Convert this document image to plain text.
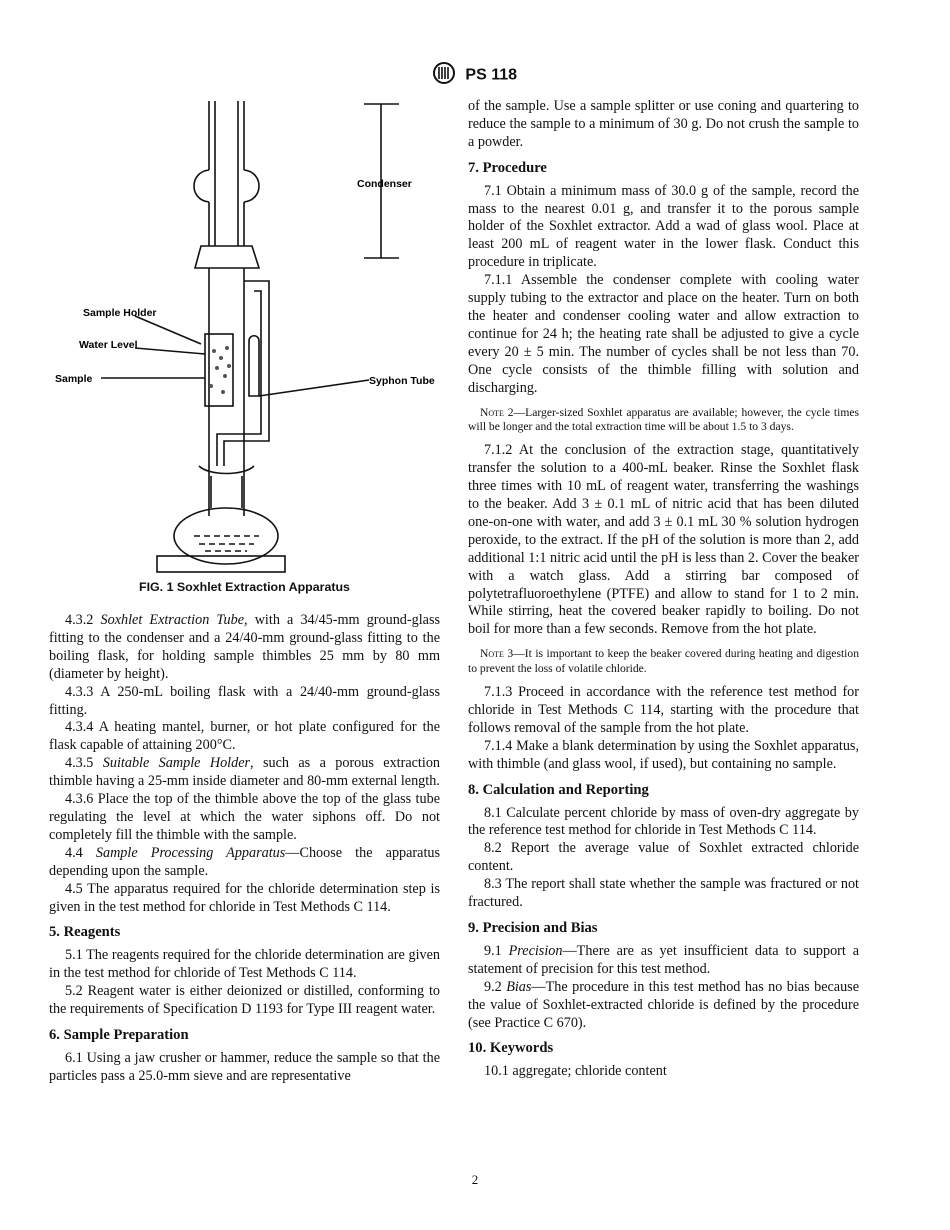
PS 118
Condenser
Sample Holder
Water Level
Sample	Syphon Tube
FIG. 1 Soxhlet Extraction Apparatus

4.3.2 Soxhlet Extraction Tube, with a 34/45-mm ground-glass fitting to the condenser and a 24/40-mm ground-glass fitting to the boiling flask, for holding sample thimbles 25 mm by 80 mm (diameter by height).

4.3.3 A 250-mL boiling flask with a 24/40-mm ground-glass fitting.

4.3.4 A heating mantel, burner, or hot plate configured for the flask capable of attaining 200°C.

4.3.5 Suitable Sample Holder, such as a porous extraction thimble having a 25-mm inside diameter and 80-mm external length.

4.3.6 Place the top of the thimble above the top of the glass tube regulating the level at which the water siphons off. Do not completely fill the thimble with the sample.

4.4 Sample Processing Apparatus—Choose the apparatus depending upon the sample.

4.5 The apparatus required for the chloride determination step is given in the test method for chloride in Test Methods C 114.

5. Reagents

5.1 The reagents required for the chloride determination are given in the test method for chloride of Test Methods C 114.

5.2 Reagent water is either deionized or distilled, conforming to the requirements of Specification D 1193 for Type III reagent water.

6. Sample Preparation

6.1 Using a jaw crusher or hammer, reduce the sample so that the particles pass a 25.0-mm sieve and are representative

of the sample. Use a sample splitter or use coning and quartering to reduce the sample to a minimum of 30 g. Do not crush the sample to a powder.

7. Procedure

7.1 Obtain a minimum mass of 30.0 g of the sample, record the mass to the nearest 0.01 g, and transfer it to the porous sample holder of the Soxhlet extractor. Add a wad of glass wool. Place at least 200 mL of reagent water in the lower flask. Conduct this procedure in triplicate.

7.1.1 Assemble the condenser complete with cooling water supply tubing to the extractor and place on the heater. Turn on both the heater and condenser cooling water and allow extraction to continue for 24 h; the heating rate shall be adjusted to give a cycle every 20 ± 5 min. The number of cycles shall be not less than 70. One cycle consists of the thimble filling with solution and discharging.

Note 2—Larger-sized Soxhlet apparatus are available; however, the cycle times will be longer and the total extraction time will be about 1.5 to 3 days.

7.1.2 At the conclusion of the extraction stage, quantitatively transfer the solution to a 400-mL beaker. Rinse the Soxhlet flask three times with 10 mL of reagent water, transferring the washings to the beaker. Add 3 ± 0.1 mL of nitric acid that has been diluted one-on-one with water, and add 3 ± 0.1 mL 30 % solution hydrogen peroxide, to the extract. If the pH of the solution is more than 2, add additional 1:1 nitric acid until the pH is less than 2. Cover the beaker with a watch glass. Add a stirring bar composed of polytetrafluoroethylene (PTFE) and allow to stand for 1 to 2 min. While stirring, heat the covered beaker rapidly to boiling. Do not boil for more than a few seconds. Remove from the hot plate.

Note 3—It is important to keep the beaker covered during heating and digestion to prevent the loss of volatile chloride.

7.1.3 Proceed in accordance with the reference test method for chloride in Test Methods C 114, starting with the procedure that follows removal of the sample from the hot plate.

7.1.4 Make a blank determination by using the Soxhlet apparatus, with thimble (and glass wool, if used), but containing no sample.

8. Calculation and Reporting

8.1 Calculate percent chloride by mass of oven-dry aggregate by the reference test method for chloride in Test Methods C 114.

8.2 Report the average value of Soxhlet extracted chloride content.

8.3 The report shall state whether the sample was fractured or not fractured.

9. Precision and Bias

9.1 Precision—There are as yet insufficient data to support a statement of precision for this test method.

9.2 Bias—The procedure in this test method has no bias because the value of Soxhlet-extracted chloride is defined by the procedure (see Practice C 670).

10. Keywords

10.1 aggregate; chloride content

2
